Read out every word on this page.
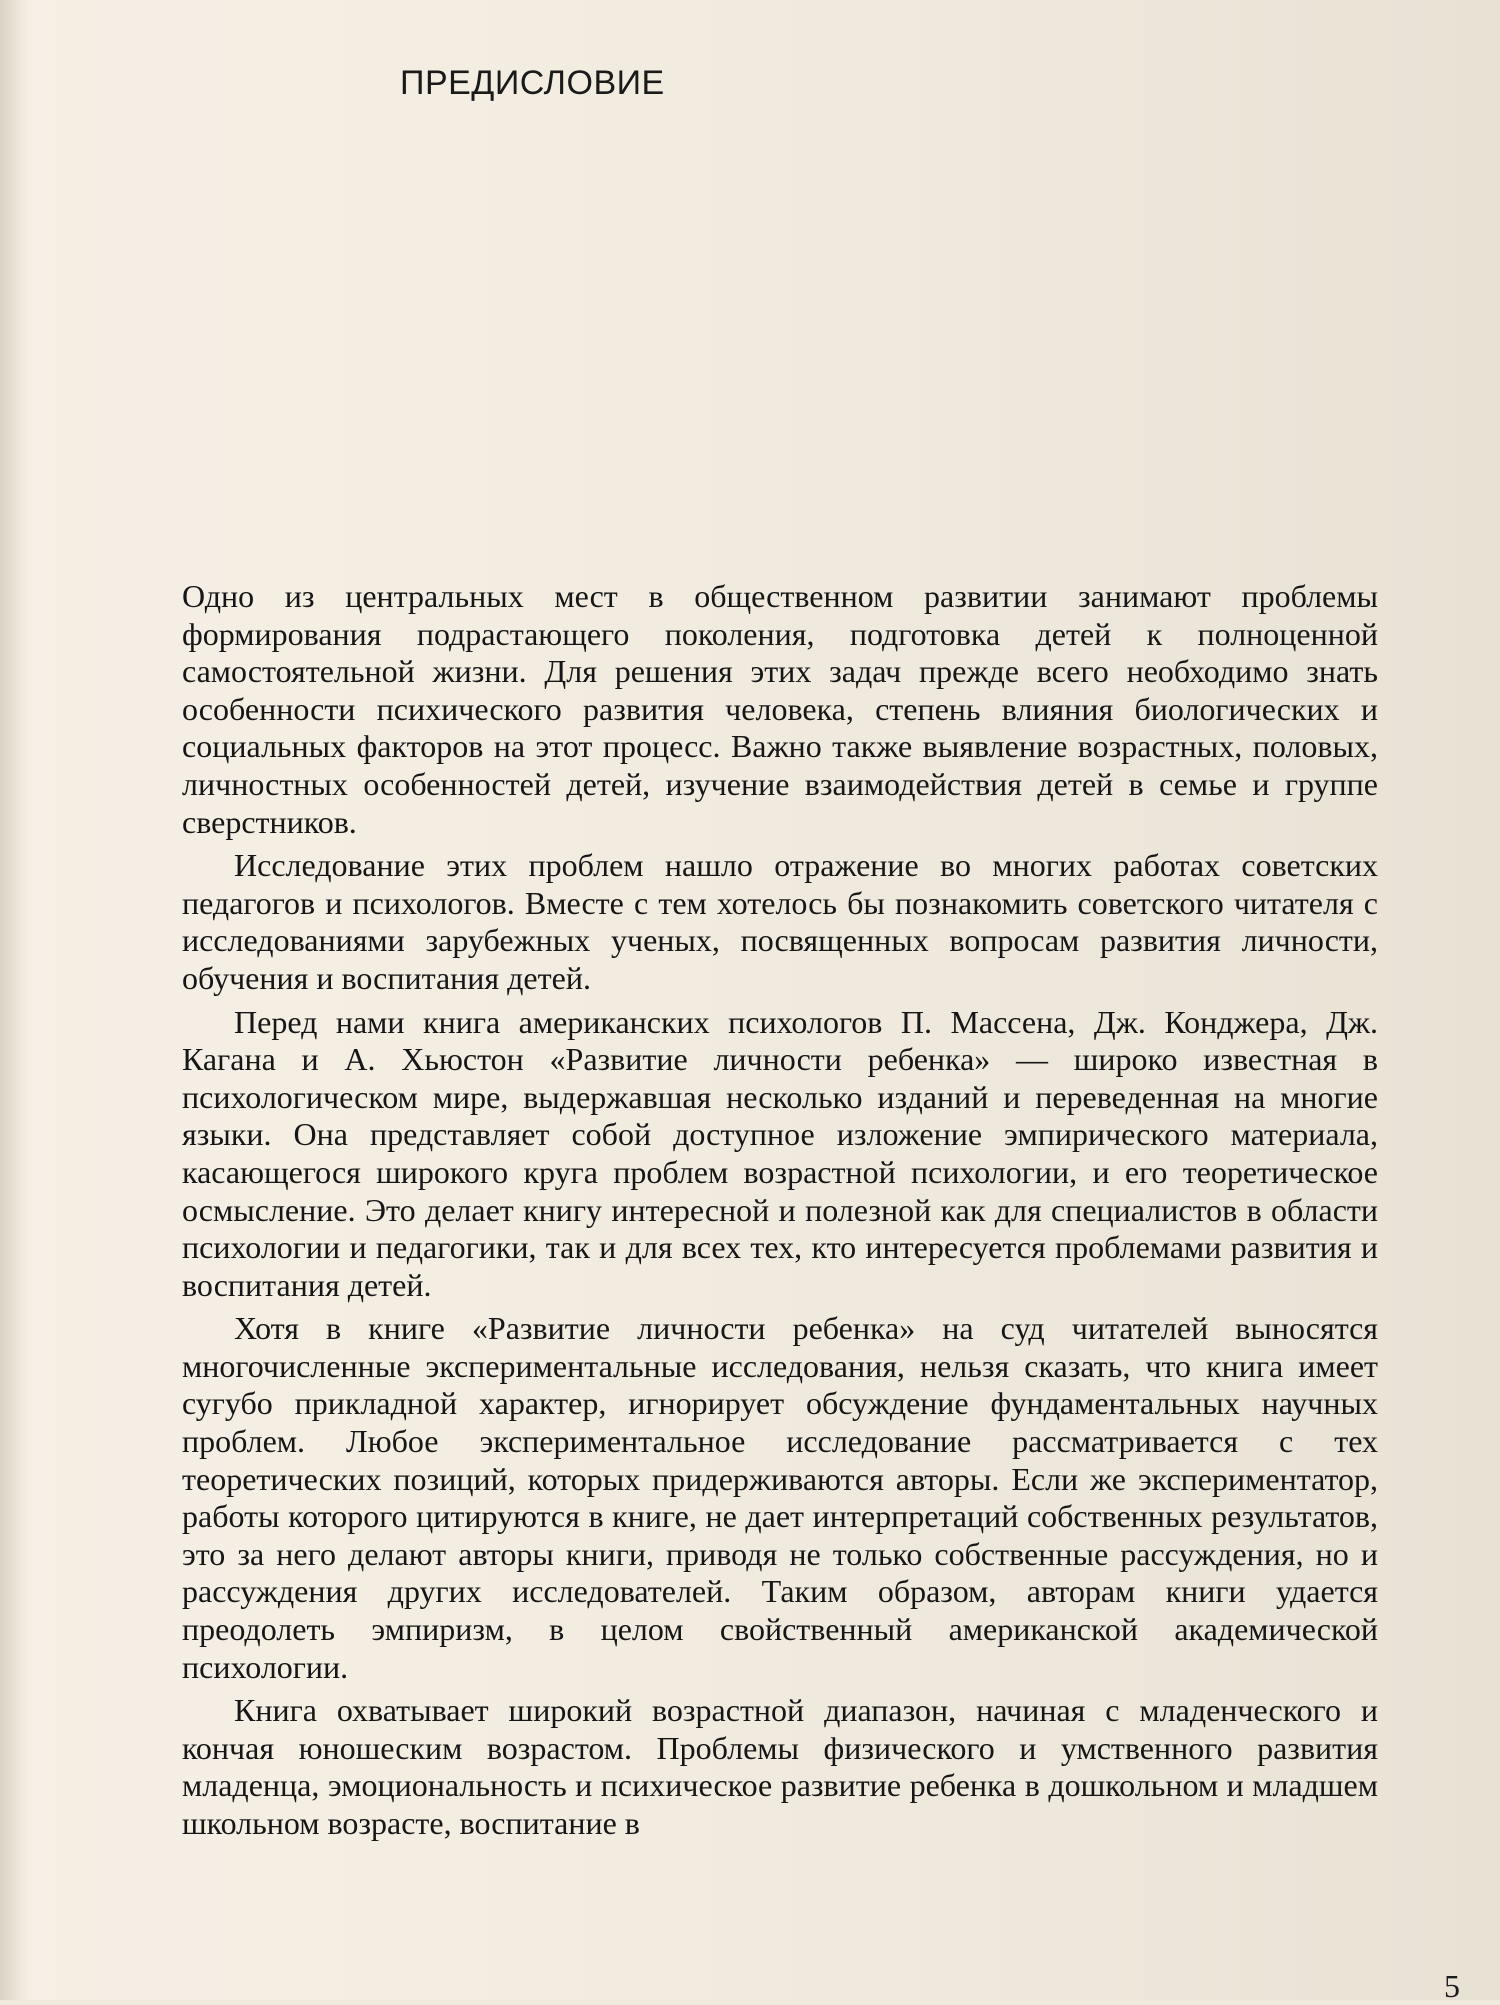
ПРЕДИСЛОВИЕ

Одно из центральных мест в общественном развитии занимают проблемы формирования подрастающего поколения, подготовка детей к полноценной самостоятельной жизни. Для решения этих задач прежде всего необходимо знать особенности психического развития человека, степень влияния биологических и социальных факторов на этот процесс. Важно также выявление возрастных, половых, личностных особенностей детей, изучение взаимодействия детей в семье и группе сверстников.

Исследование этих проблем нашло отражение во многих работах советских педагогов и психологов. Вместе с тем хотелось бы познакомить советского читателя с исследованиями зарубежных ученых, посвященных вопросам развития личности, обучения и воспитания детей.

Перед нами книга американских психологов П. Массена, Дж. Конджера, Дж. Кагана и А. Хьюстон «Развитие личности ребенка» — широко известная в психологическом мире, выдержавшая несколько изданий и переведенная на многие языки. Она представляет собой доступное изложение эмпирического материала, касающегося широкого круга проблем возрастной психологии, и его теоретическое осмысление. Это делает книгу интересной и полезной как для специалистов в области психологии и педагогики, так и для всех тех, кто интересуется проблемами развития и воспитания детей.

Хотя в книге «Развитие личности ребенка» на суд читателей выносятся многочисленные экспериментальные исследования, нельзя сказать, что книга имеет сугубо прикладной характер, игнорирует обсуждение фундаментальных научных проблем. Любое экспериментальное исследование рассматривается с тех теоретических позиций, которых придерживаются авторы. Если же экспериментатор, работы которого цитируются в книге, не дает интерпретаций собственных результатов, это за него делают авторы книги, приводя не только собственные рассуждения, но и рассуждения других исследователей. Таким образом, авторам книги удается преодолеть эмпиризм, в целом свойственный американской академической психологии.

Книга охватывает широкий возрастной диапазон, начиная с младенческого и кончая юношеским возрастом. Проблемы физического и умственного развития младенца, эмоциональность и психическое развитие ребенка в дошкольном и младшем школьном возрасте, воспитание в

5
